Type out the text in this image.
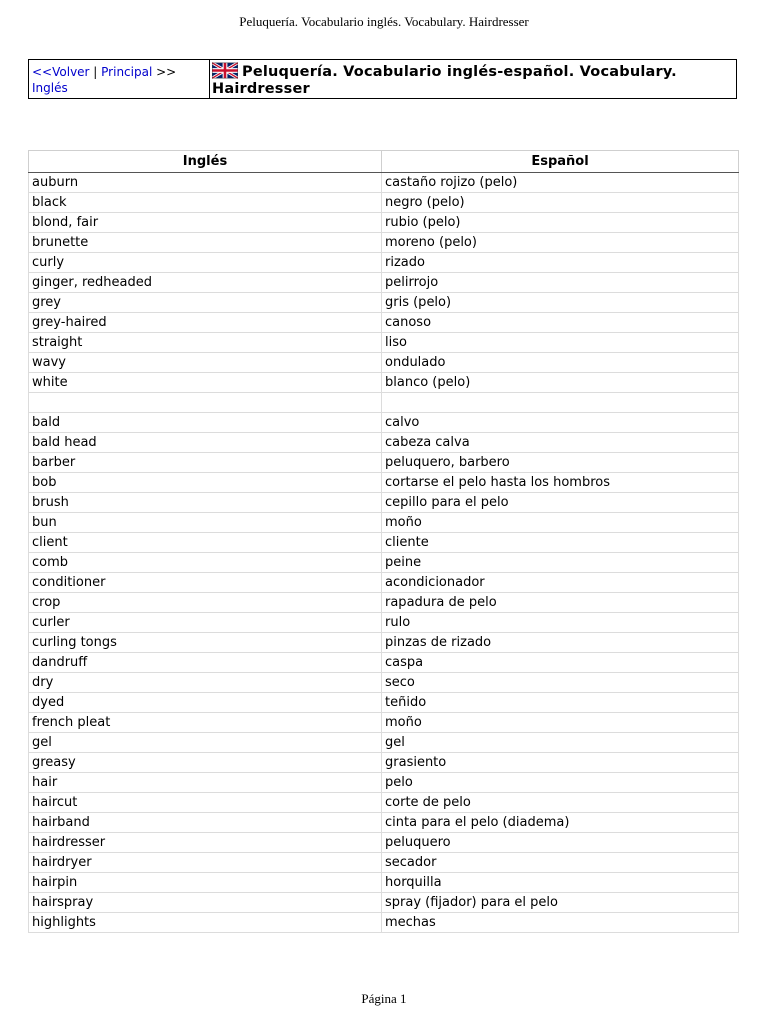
Peluquería. Vocabulario inglés. Vocabulary. Hairdresser
<<Volver | Principal >>
Inglés
Peluquería. Vocabulario inglés-español. Vocabulary. Hairdresser
Inglés	Español
auburn	castaño rojizo (pelo)
black	negro (pelo)
blond, fair	rubio (pelo)
brunette	moreno (pelo)
curly	rizado
ginger, redheaded	pelirrojo
grey	gris (pelo)
grey-haired	canoso
straight	liso
wavy	ondulado
white	blanco (pelo)

bald	calvo
bald head	cabeza calva
barber	peluquero, barbero
bob	cortarse el pelo hasta los hombros
brush	cepillo para el pelo
bun	moño
client	cliente
comb	peine
conditioner	acondicionador
crop	rapadura de pelo
curler	rulo
curling tongs	pinzas de rizado
dandruff	caspa
dry	seco
dyed	teñido
french pleat	moño
gel	gel
greasy	grasiento
hair	pelo
haircut	corte de pelo
hairband	cinta para el pelo (diadema)
hairdresser	peluquero
hairdryer	secador
hairpin	horquilla
hairspray	spray (fijador) para el pelo
highlights	mechas
Página 1
